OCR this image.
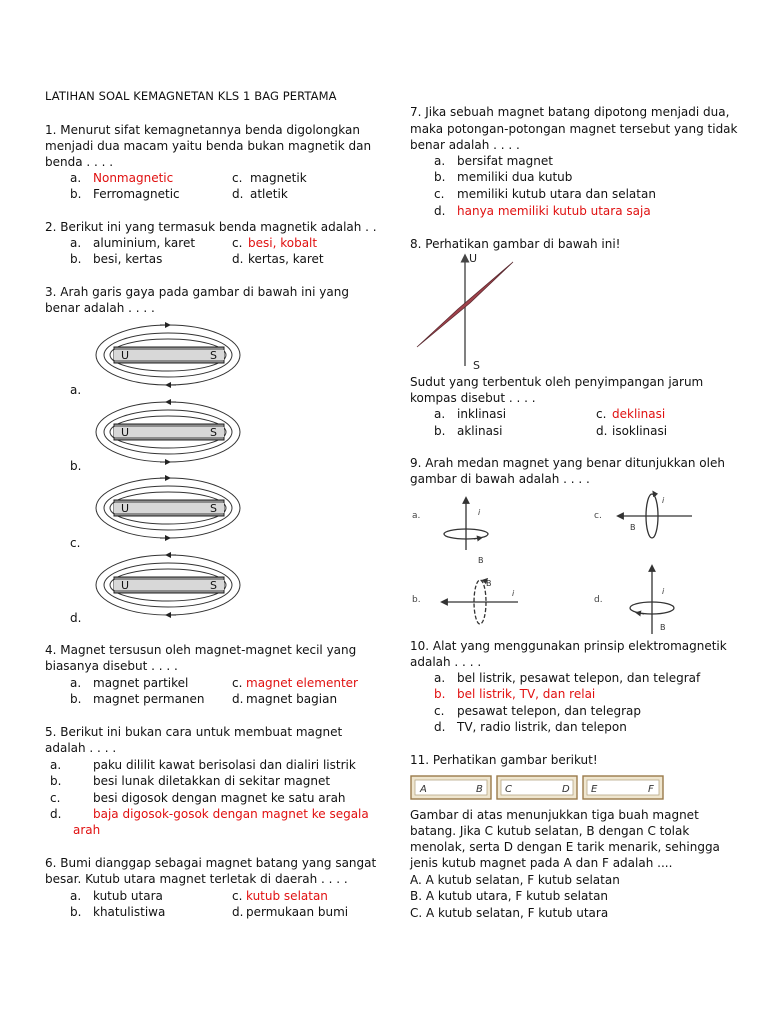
LATIHAN SOAL KEMAGNETAN KLS 1 BAG PERTAMA
1. Menurut sifat kemagnetannya benda digolongkan
menjadi dua macam yaitu benda bukan magnetik dan
benda . . . .
a. Nonmagnetic	c. magnetik
b. Ferromagnetic	d. atletik
2. Berikut ini yang termasuk benda magnetik adalah . .
a. aluminium, karet	c. besi, kobalt
b. besi, kertas	d. kertas, karet
3. Arah garis gaya pada gambar di bawah ini yang
benar adalah . . . .
a.
b.
c.
d.
U	S
U	S
U	S
U	S
4. Magnet tersusun oleh magnet-magnet kecil yang
biasanya disebut . . . .
a. magnet partikel	c. magnet elementer
b. magnet permanen d. magnet bagian
5. Berikut ini bukan cara untuk membuat magnet
adalah . . . .
a.	paku dililit kawat berisolasi dan dialiri listrik
b.	besi lunak diletakkan di sekitar magnet
c.	besi digosok dengan magnet ke satu arah
d.	baja digosok-gosok dengan magnet ke segala
arah
6. Bumi dianggap sebagai magnet batang yang sangat
besar. Kutub utara magnet terletak di daerah . . . .
a. kutub utara	c. kutub selatan
b. khatulistiwa	d. permukaan bumi
7. Jika sebuah magnet batang dipotong menjadi dua,
maka potongan-potongan magnet tersebut yang tidak
benar adalah . . . .
a. bersifat magnet
b. memiliki dua kutub
c. memiliki kutub utara dan selatan
d. hanya memiliki kutub utara saja
8. Perhatikan gambar di bawah ini!
U
S
Sudut yang terbentuk oleh penyimpangan jarum
kompas disebut . . . .
a. inklinasi	c. deklinasi
b. aklinasi	d. isoklinasi
9. Arah medan magnet yang benar ditunjukkan oleh
gambar di bawah adalah . . . .
a.	i
B
c.
i
B
b.
B
i
d.
i
B
10. Alat yang menggunakan prinsip elektromagnetik
adalah . . . .
a. bel listrik, pesawat telepon, dan telegraf
b. bel listrik, TV, dan relai
c. pesawat telepon, dan telegrap
d. TV, radio listrik, dan telepon
11. Perhatikan gambar berikut!
A	B C	D E	F
Gambar di atas menunjukkan tiga buah magnet
batang. Jika C kutub selatan, B dengan C tolak
menolak, serta D dengan E tarik menarik, sehingga
jenis kutub magnet pada A dan F adalah ....
A. A kutub selatan, F kutub selatan
B. A kutub utara, F kutub selatan
C. A kutub selatan, F kutub utara
